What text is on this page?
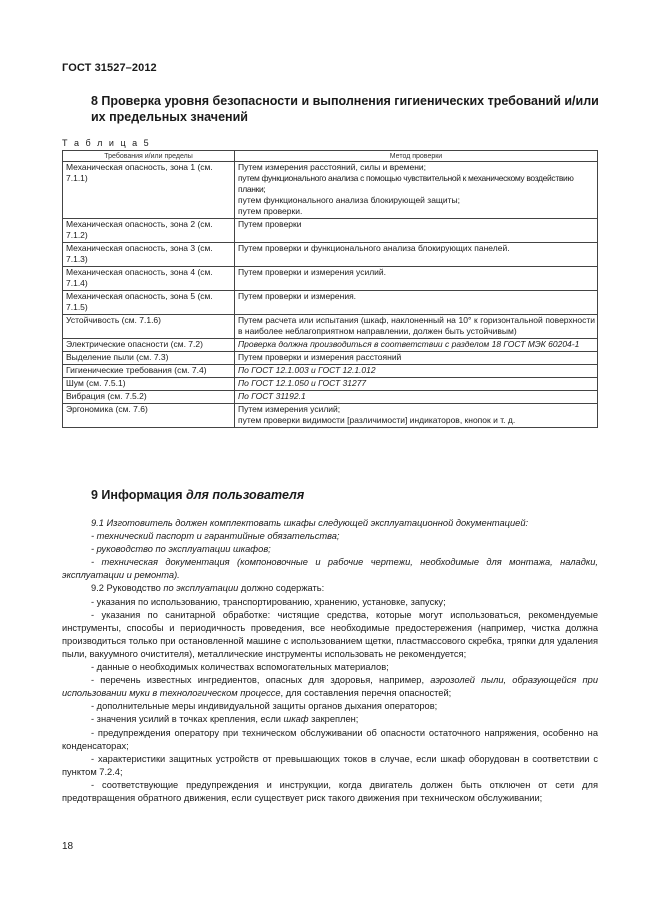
ГОСТ 31527–2012
8 Проверка уровня безопасности и выполнения гигиенических требований и/или их предельных значений
Т а б л и ц а 5
Требования и/или пределы	Метод проверки
Механическая опасность, зона 1 (см. 7.1.1)	Путем измерения расстояний, силы и времени;
путем функционального анализа с помощью чувствительной к механическому воздействию планки;
путем функционального анализа блокирующей защиты;
путем проверки.

Механическая опасность, зона 2 (см. 7.1.2)	Путем проверки
Механическая опасность, зона 3 (см. 7.1.3)	Путем проверки и функционального анализа блокирующих панелей.
Механическая опасность, зона 4 (см. 7.1.4)	Путем проверки и измерения усилий.
Механическая опасность, зона 5 (см. 7.1.5)	Путем проверки и измерения.
Устойчивость (см. 7.1.6)	Путем расчета или испытания (шкаф, наклоненный на 10° к горизонтальной поверхности в наиболее неблагоприятном направлении, должен быть устойчивым)
Электрические опасности (см. 7.2)	Проверка должна производиться в соответствии с разделом 18 ГОСТ МЭК 60204-1
Выделение пыли (см. 7.3)	Путем проверки и измерения расстояний
Гигиенические требования (см. 7.4)	По ГОСТ 12.1.003 и ГОСТ 12.1.012
Шум (см. 7.5.1)	По ГОСТ 12.1.050 и ГОСТ 31277
Вибрация (см. 7.5.2)	По ГОСТ 31192.1
Эргономика (см. 7.6)	Путем измерения усилий;
путем проверки видимости [различимости] индикаторов, кнопок и т. д.
9 Информация для пользователя

9.1 Изготовитель должен комплектовать шкафы следующей эксплуатационной документацией:

- технический паспорт и гарантийные обязательства;

- руководство по эксплуатации шкафов;

- техническая документация (компоновочные и рабочие чертежи, необходимые для монтажа, наладки, эксплуатации и ремонта).

9.2 Руководство по эксплуатации должно содержать:

- указания по использованию, транспортированию, хранению, установке, запуску;

- указания по санитарной обработке: чистящие средства, которые могут использоваться, рекомендуемые инструменты, способы и периодичность проведения, все необходимые предостережения (например, чистка должна производиться только при остановленной машине с использованием щетки, пластмассового скребка, тряпки для удаления пыли, вакуумного очистителя), металлические инструменты использовать не рекомендуется;

- данные о необходимых количествах вспомогательных материалов;

- перечень известных ингредиентов, опасных для здоровья, например, аэрозолей пыли, образующейся при использовании муки в технологическом процессе, для составления перечня опасностей;

- дополнительные меры индивидуальной защиты органов дыхания операторов;

- значения усилий в точках крепления, если шкаф закреплен;

- предупреждения оператору при техническом обслуживании об опасности остаточного напряжения, особенно на конденсаторах;

- характеристики защитных устройств от превышающих токов в случае, если шкаф оборудован в соответствии с пунктом 7.2.4;

- соответствующие предупреждения и инструкции, когда двигатель должен быть отключен от сети для предотвращения обратного движения, если существует риск такого движения при техническом обслуживании;

18
